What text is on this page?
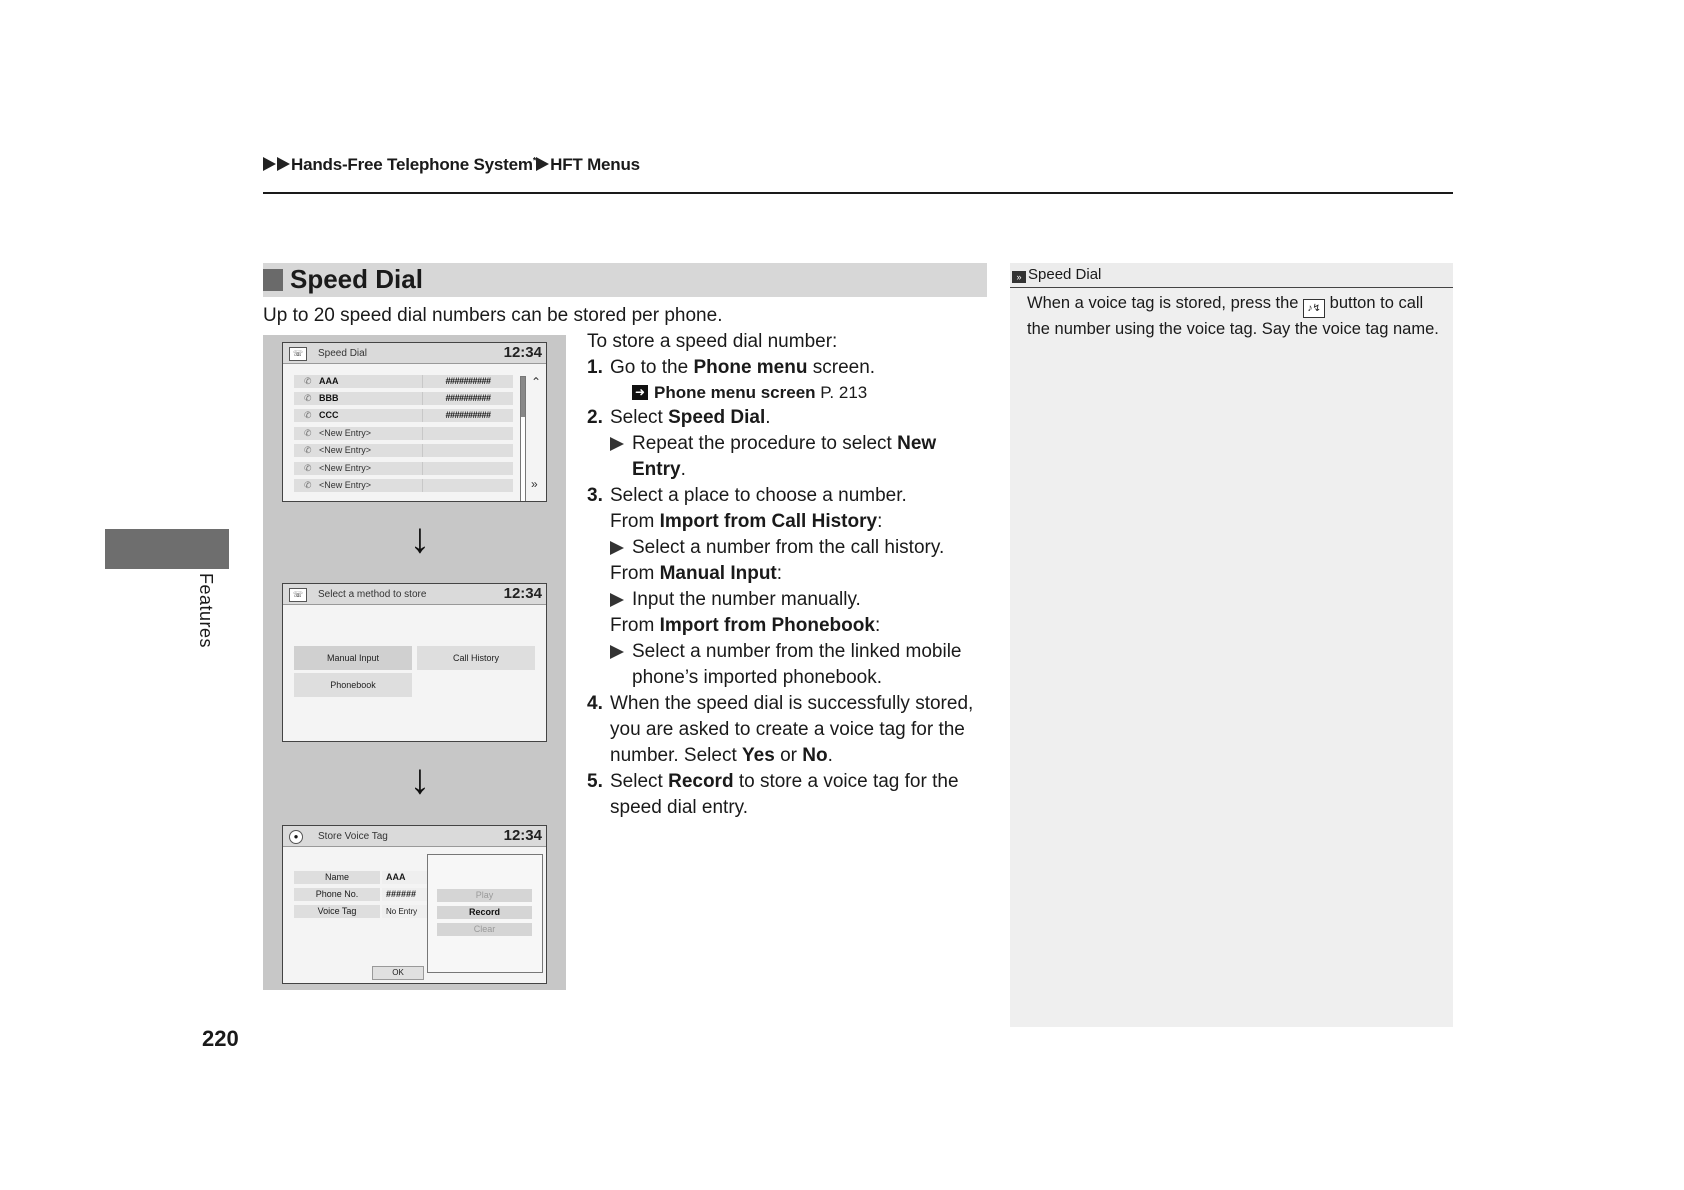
Hands-Free Telephone System* HFT Menus
Features
220
Speed Dial
Up to 20 speed dial numbers can be stored per phone.
☏	Speed Dial	12:34
✆ AAA	##########
✆ BBB	##########
✆ CCC	##########
✆ <New Entry>
✆ <New Entry>
✆ <New Entry>
✆ <New Entry>
⌃
»
↓
☏	Select a method to store	12:34
Manual Input	Call History
Phonebook
↓
●	Store Voice Tag	12:34
Name	AAA
Phone No.	######
Voice Tag	No Entry
Play
Record
Clear
OK

To store a speed dial number:

1. Go to the Phone menu screen.

➜ Phone menu screen P. 213

2. Select Speed Dial.

Repeat the procedure to select New Entry.

3. Select a place to choose a number.

From Import from Call History:

Select a number from the call history.

From Manual Input:

Input the number manually.

From Import from Phonebook:

Select a number from the linked mobile phone’s imported phonebook.

4. When the speed dial is successfully stored, you are asked to create a voice tag for the number. Select Yes or No.

5. Select Record to store a voice tag for the speed dial entry.

» Speed Dial
When a voice tag is stored, press the ♪↯ button to call the number using the voice tag. Say the voice tag name.
